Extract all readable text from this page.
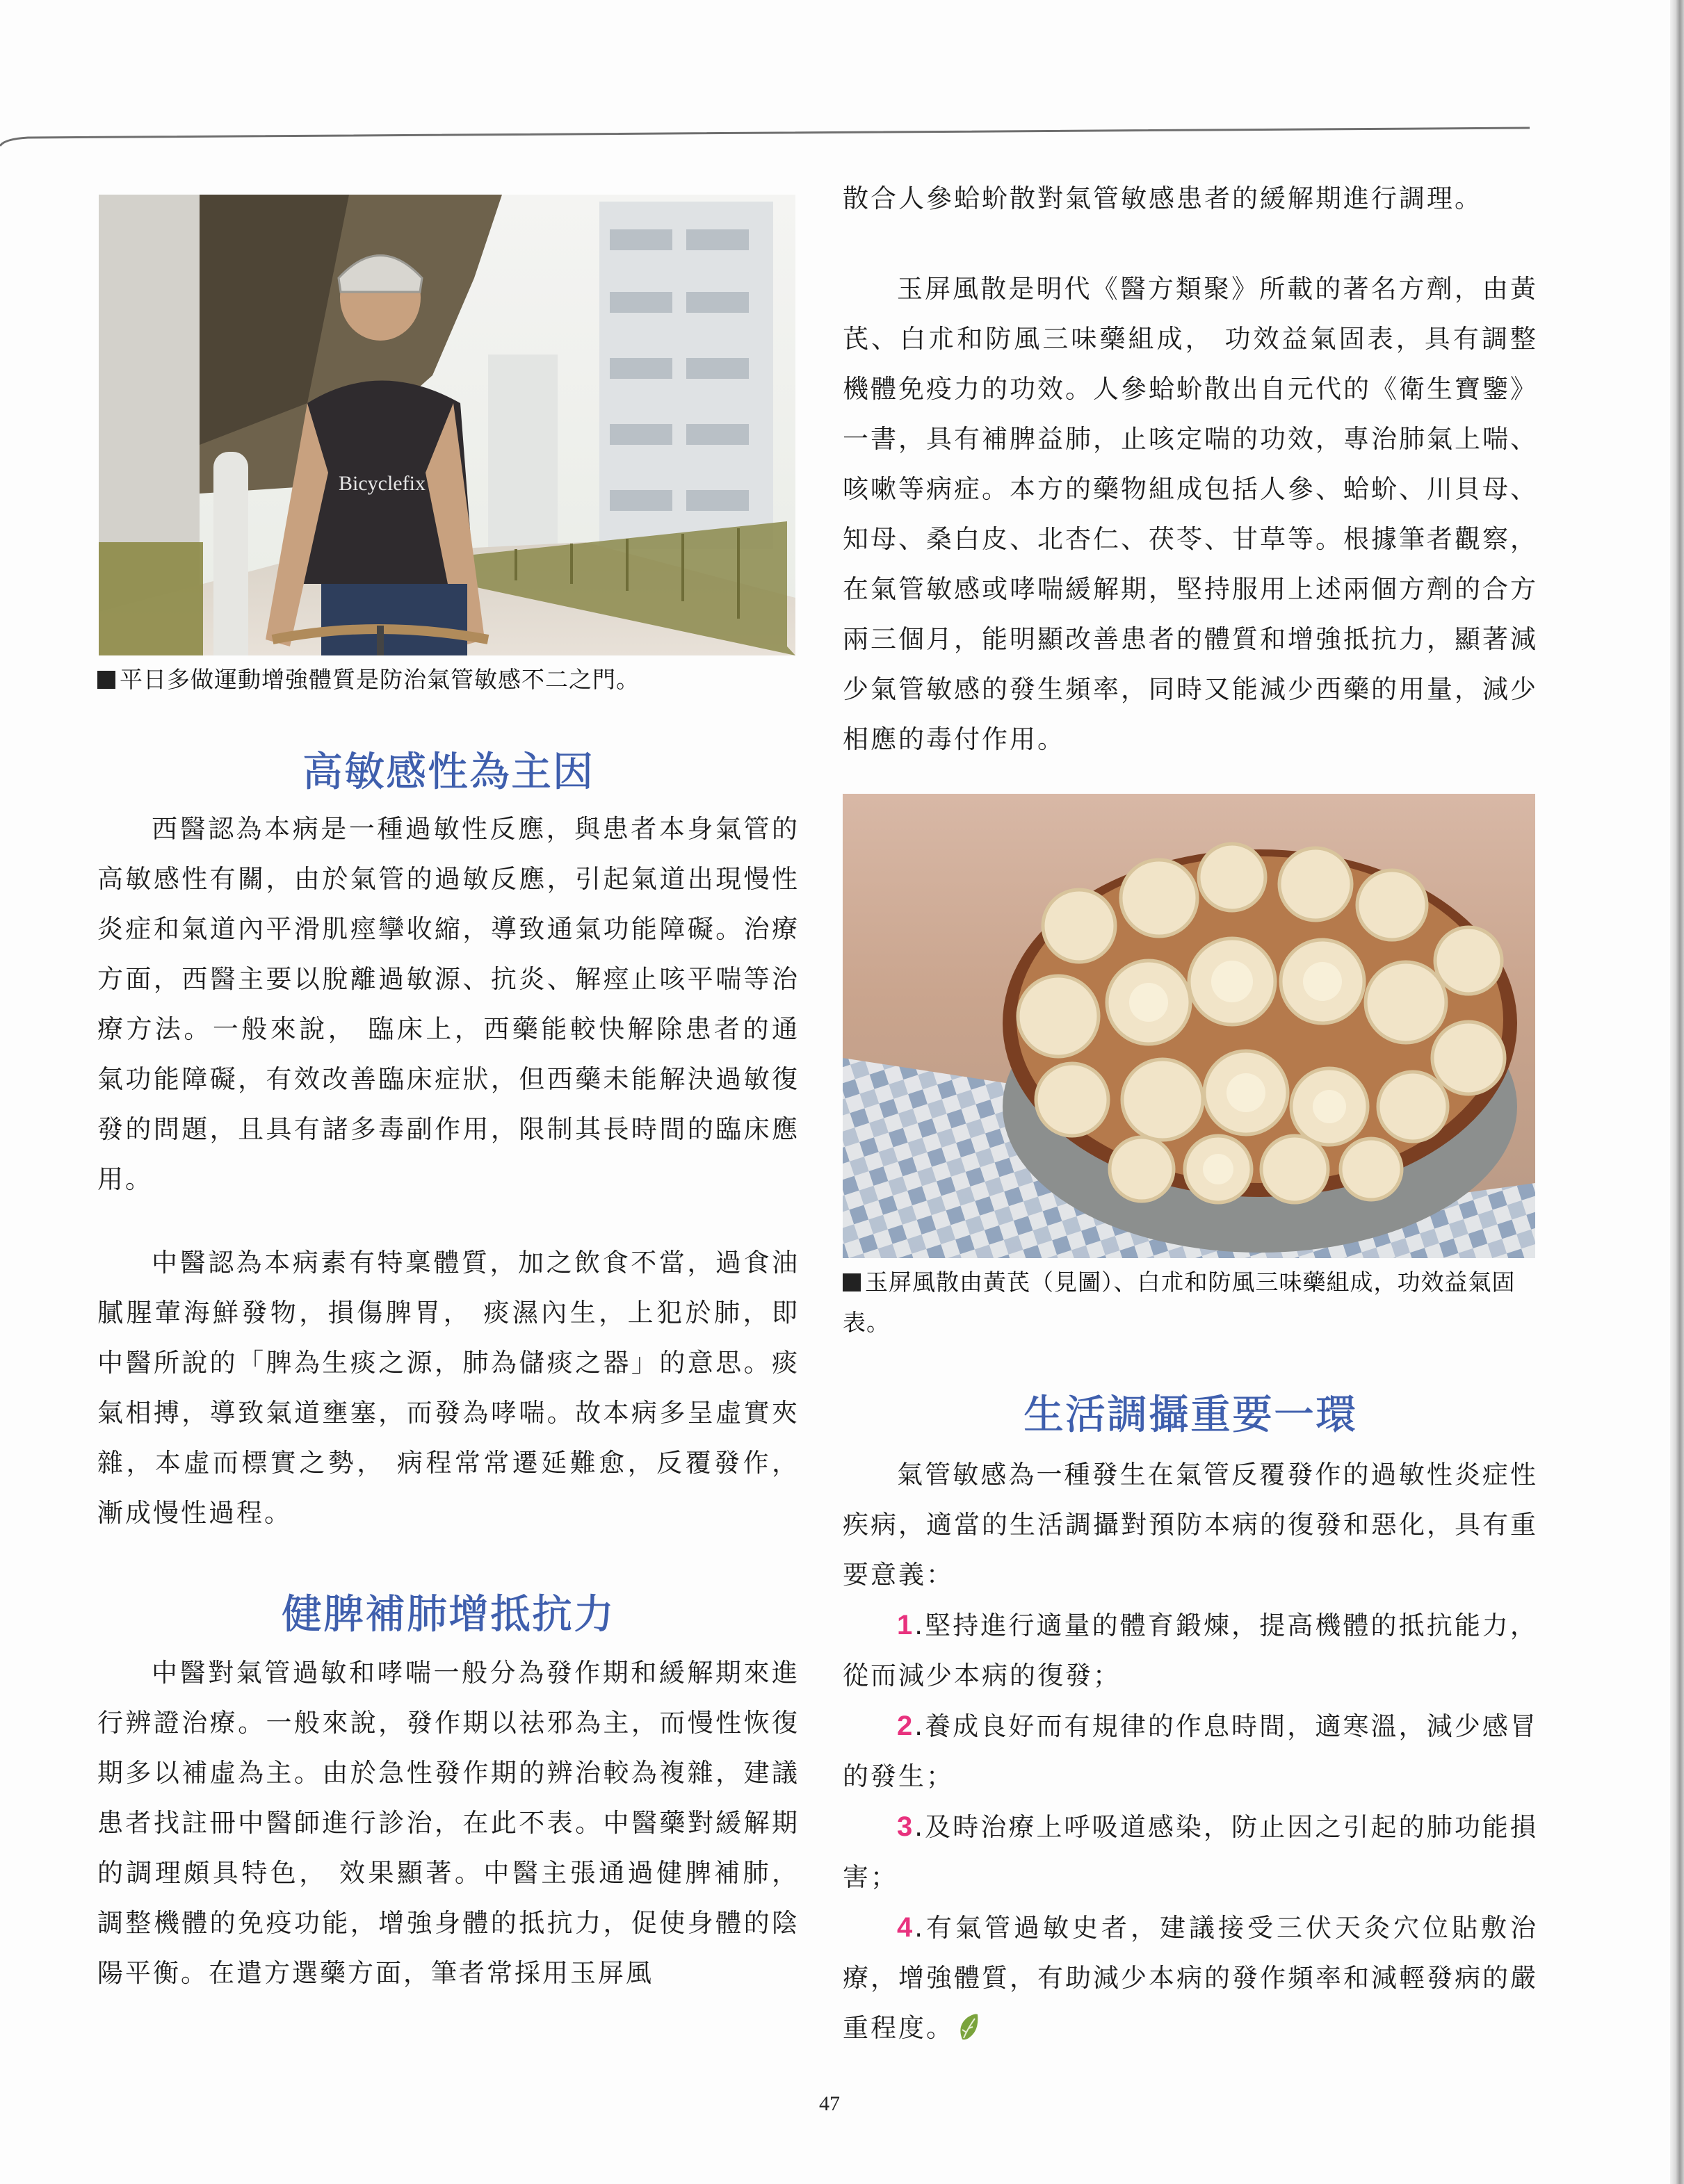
Bicyclefix
平日多做運動增強體質是防治氣管敏感不二之門。
高敏感性為主因

西醫認為本病是一種過敏性反應，與患者本身氣管的高敏感性有關，由於氣管的過敏反應，引起氣道出現慢性炎症和氣道內平滑肌痙攣收縮，導致通氣功能障礙。治療方面，西醫主要以脫離過敏源、抗炎、解痙止咳平喘等治療方法。一般來說， 臨床上，西藥能較快解除患者的通氣功能障礙，有效改善臨床症狀，但西藥未能解決過敏復發的問題，且具有諸多毒副作用，限制其長時間的臨床應用。

中醫認為本病素有特稟體質，加之飲食不當，過食油膩腥葷海鮮發物，損傷脾胃， 痰濕內生，上犯於肺，即中醫所說的「脾為生痰之源，肺為儲痰之器」的意思。痰氣相搏，導致氣道壅塞，而發為哮喘。故本病多呈虛實夾雜，本虛而標實之勢， 病程常常遷延難愈，反覆發作，漸成慢性過程。

健脾補肺增抵抗力

中醫對氣管過敏和哮喘一般分為發作期和緩解期來進行辨證治療。一般來說，發作期以祛邪為主，而慢性恢復期多以補虛為主。由於急性發作期的辨治較為複雜，建議患者找註冊中醫師進行診治，在此不表。中醫藥對緩解期的調理頗具特色， 效果顯著。中醫主張通過健脾補肺，調整機體的免疫功能，增強身體的抵抗力，促使身體的陰陽平衡。在遣方選藥方面，筆者常採用玉屏風

散合人參蛤蚧散對氣管敏感患者的緩解期進行調理。

玉屏風散是明代《醫方類聚》所載的著名方劑，由黃芪、白朮和防風三味藥組成， 功效益氣固表，具有調整機體免疫力的功效。人參蛤蚧散出自元代的《衛生寶鑒》一書，具有補脾益肺，止咳定喘的功效，專治肺氣上喘、咳嗽等病症。本方的藥物組成包括人參、蛤蚧、川貝母、知母、桑白皮、北杏仁、茯苓、甘草等。根據筆者觀察，在氣管敏感或哮喘緩解期，堅持服用上述兩個方劑的合方兩三個月，能明顯改善患者的體質和增強抵抗力，顯著減少氣管敏感的發生頻率，同時又能減少西藥的用量，減少相應的毒付作用。

玉屏風散由黃芪（見圖）、白朮和防風三味藥組成，功效益氣固表。
生活調攝重要一環

氣管敏感為一種發生在氣管反覆發作的過敏性炎症性疾病，適當的生活調攝對預防本病的復發和惡化，具有重要意義：

1.堅持進行適量的體育鍛煉，提高機體的抵抗能力，從而減少本病的復發；

2.養成良好而有規律的作息時間，適寒溫，減少感冒的發生；

3.及時治療上呼吸道感染，防止因之引起的肺功能損害；

4.有氣管過敏史者，建議接受三伏天灸穴位貼敷治療，增強體質，有助減少本病的發作頻率和減輕發病的嚴重程度。

47
